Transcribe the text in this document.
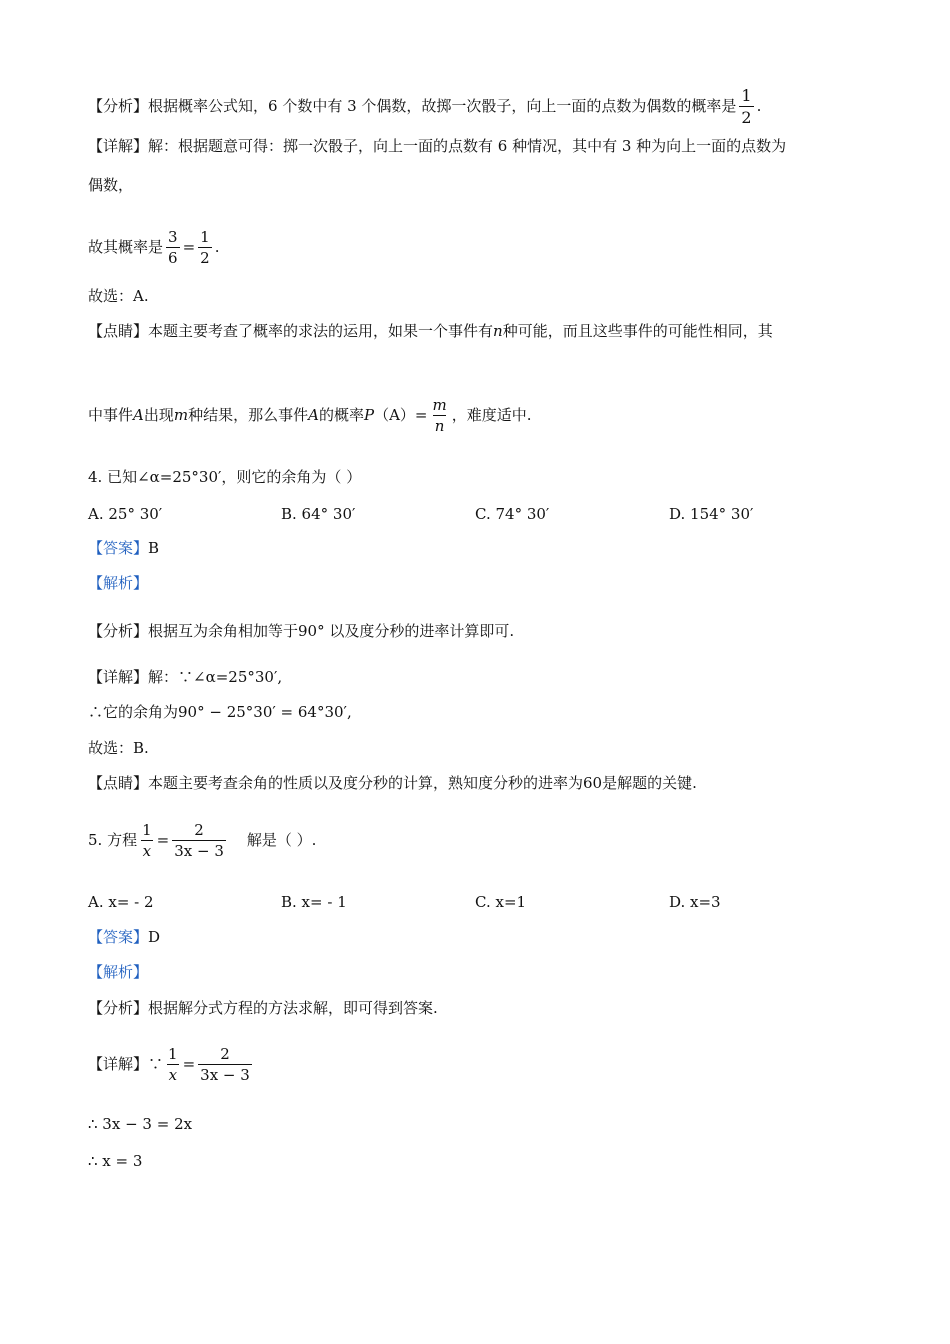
【分析】根据概率公式知，6 个数中有 3 个偶数，故掷一次骰子，向上一面的点数为偶数的概率是 $\frac{1}{2}$ .
【详解】解：根据题意可得：掷一次骰子，向上一面的点数有 6 种情况，其中有 3 种为向上一面的点数为
偶数，
故其概率是 $\frac{3}{6} = \frac{1}{2}$ .
故选：A.
【点睛】本题主要考查了概率的求法的运用，如果一个事件有n种可能，而且这些事件的可能性相同，其
中事件A出现m种结果，那么事件A的概率$P(A)= \frac{m}{n}$ ，难度适中.
4. 已知∠α=25°30′，则它的余角为（ ）
A. 25° 30′	B. 64° 30′	C. 74° 30′	D. 154° 30′
【答案】B
【解析】
【分析】根据互为余角相加等于90° 以及度分秒的进率计算即可.
【详解】解：∵∠α=25°30′,
∴它的余角为90° − 25°30′ = 64°30′,
故选：B.
【点睛】本题主要考查余角的性质以及度分秒的计算，熟知度分秒的进率为60是解题的关键.
5. 方程 $\frac{1}{x} = \frac{2}{3x - 3}$ 解是（ ）.
A. x= - 2	B. x= - 1	C. x=1	D. x=3
【答案】D
【解析】
【分析】根据解分式方程的方法求解，即可得到答案.
【详解】∵ $\frac{1}{x} = \frac{2}{3x - 3}$
∴ 3x − 3 = 2x
∴ x = 3
